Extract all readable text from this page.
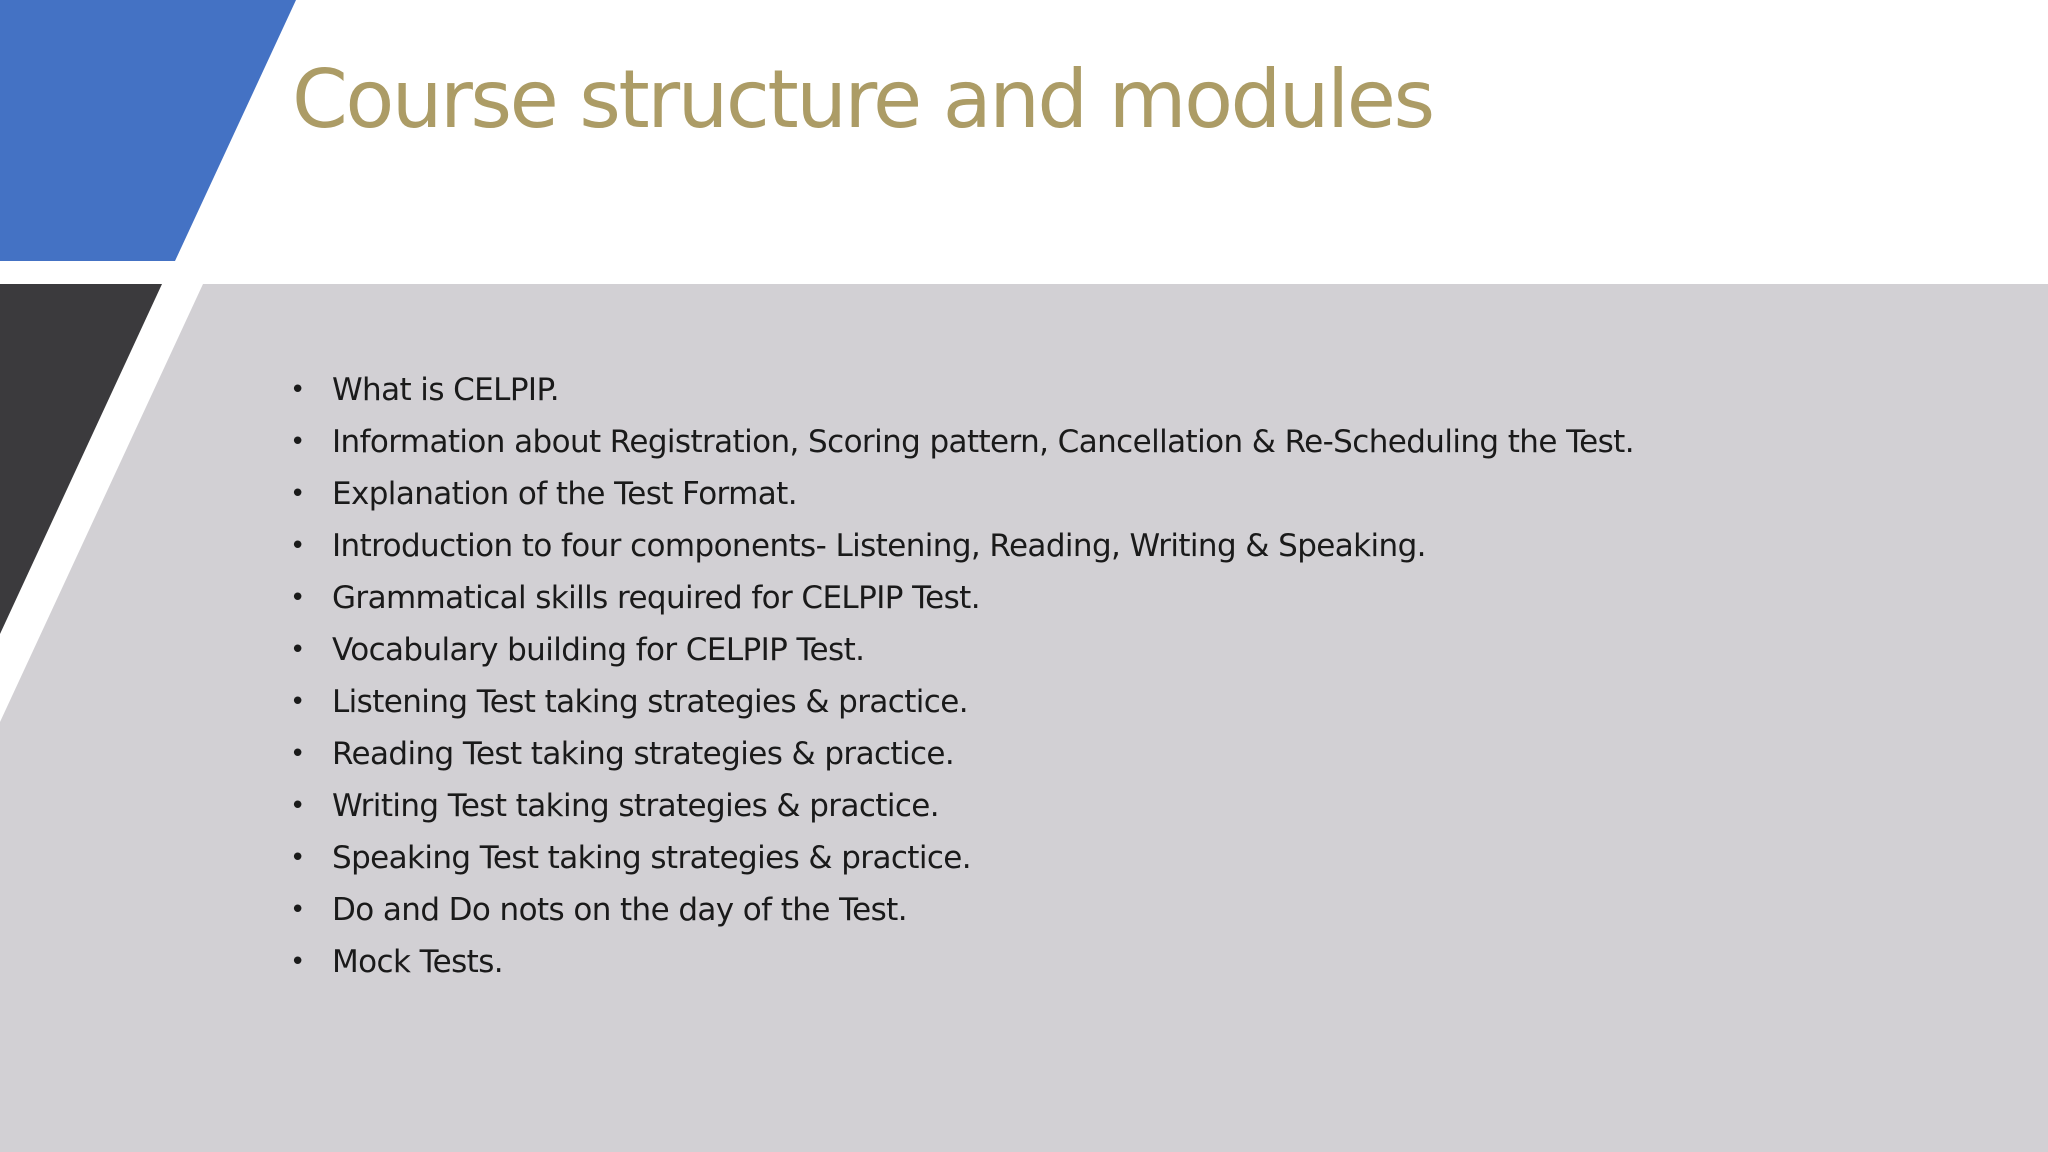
Course structure and modules
• What is CELPIP.
• Information about Registration, Scoring pattern, Cancellation & Re-Scheduling the Test.
• Explanation of the Test Format.
• Introduction to four components- Listening, Reading, Writing & Speaking.
• Grammatical skills required for CELPIP Test.
• Vocabulary building for CELPIP Test.
• Listening Test taking strategies & practice.
• Reading Test taking strategies & practice.
• Writing Test taking strategies & practice.
• Speaking Test taking strategies & practice.
• Do and Do nots on the day of the Test.
• Mock Tests.
